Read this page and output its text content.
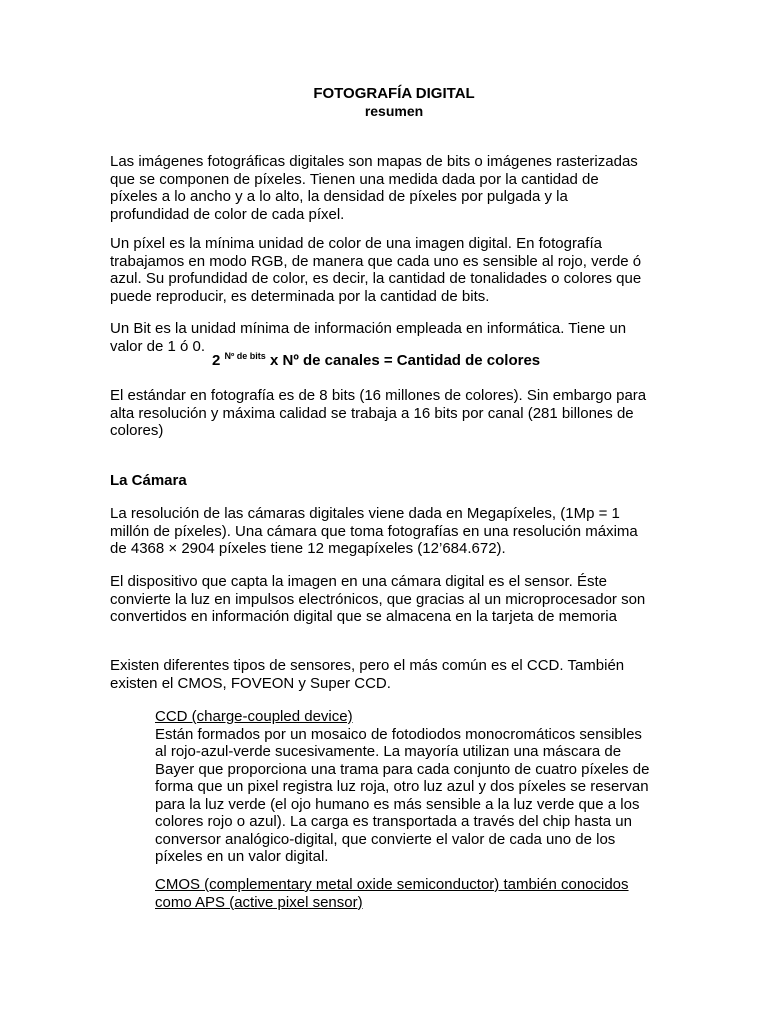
FOTOGRAFÍA DIGITAL
resumen
Las imágenes fotográficas digitales son mapas de bits o imágenes rasterizadas que se componen de píxeles. Tienen una medida dada por la cantidad de píxeles a lo ancho y a lo alto, la densidad de píxeles por pulgada y la profundidad de color de cada píxel.
Un píxel es la mínima unidad de color de una imagen digital. En fotografía trabajamos en modo RGB, de manera que cada uno es sensible al rojo, verde ó azul. Su profundidad de color, es decir, la cantidad de tonalidades o colores que puede reproducir, es determinada por la cantidad de bits.
Un Bit es la unidad mínima de información empleada en informática. Tiene un valor de 1 ó 0.
2 $^{Nº de bits}$ x Nº de canales = Cantidad de colores
El estándar en fotografía es de 8 bits (16 millones de colores). Sin embargo para alta resolución y máxima calidad se trabaja a 16 bits por canal (281 billones de colores)
La Cámara
La resolución de las cámaras digitales viene dada en Megapíxeles, (1Mp = 1 millón de píxeles). Una cámara que toma fotografías en una resolución máxima de 4368 × 2904 píxeles tiene 12 megapíxeles (12’684.672).
El dispositivo que capta la imagen en una cámara digital es el sensor. Éste convierte la luz en impulsos electrónicos, que gracias al un microprocesador son convertidos en información digital que se almacena en la tarjeta de memoria
Existen diferentes tipos de sensores, pero el más común es el CCD. También existen el CMOS, FOVEON y Super CCD.
CCD (charge-coupled device)
Están formados por un mosaico de fotodiodos monocromáticos sensibles al rojo-azul-verde sucesivamente. La mayoría utilizan una máscara de Bayer que proporciona una trama para cada conjunto de cuatro píxeles de forma que un pixel registra luz roja, otro luz azul y dos píxeles se reservan para la luz verde (el ojo humano es más sensible a la luz verde que a los colores rojo o azul). La carga es transportada a través del chip hasta un conversor analógico-digital, que convierte el valor de cada uno de los píxeles en un valor digital.
CMOS (complementary metal oxide semiconductor) también conocidos como APS (active pixel sensor)
